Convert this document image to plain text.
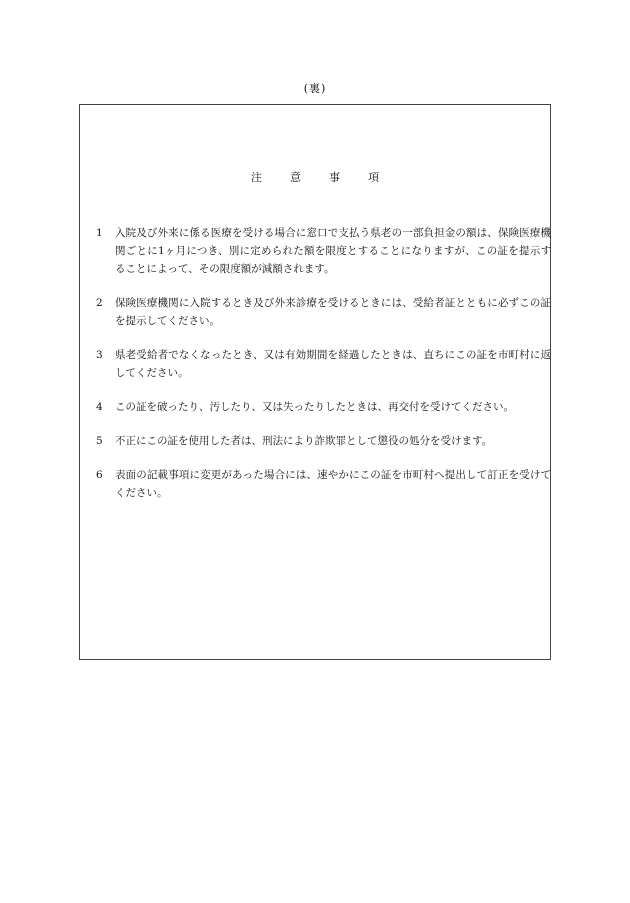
(裏)
注	意	事	項
1	入院及び外来に係る医療を受ける場合に窓口で支払う県老の一部負担金の額は、保険医療機関ごとに1ヶ月につき、別に定められた額を限度とすることになりますが、この証を提示することによって、その限度額が減額されます。
2	保険医療機関に入院するとき及び外来診療を受けるときには、受給者証とともに必ずこの証を提示してください。
3	県老受給者でなくなったとき、又は有効期間を経過したときは、直ちにこの証を市町村に返してください。
4	この証を破ったり、汚したり、又は失ったりしたときは、再交付を受けてください。
5	不正にこの証を使用した者は、刑法により詐欺罪として懲役の処分を受けます。
6	表面の記載事項に変更があった場合には、速やかにこの証を市町村へ提出して訂正を受けてください。
